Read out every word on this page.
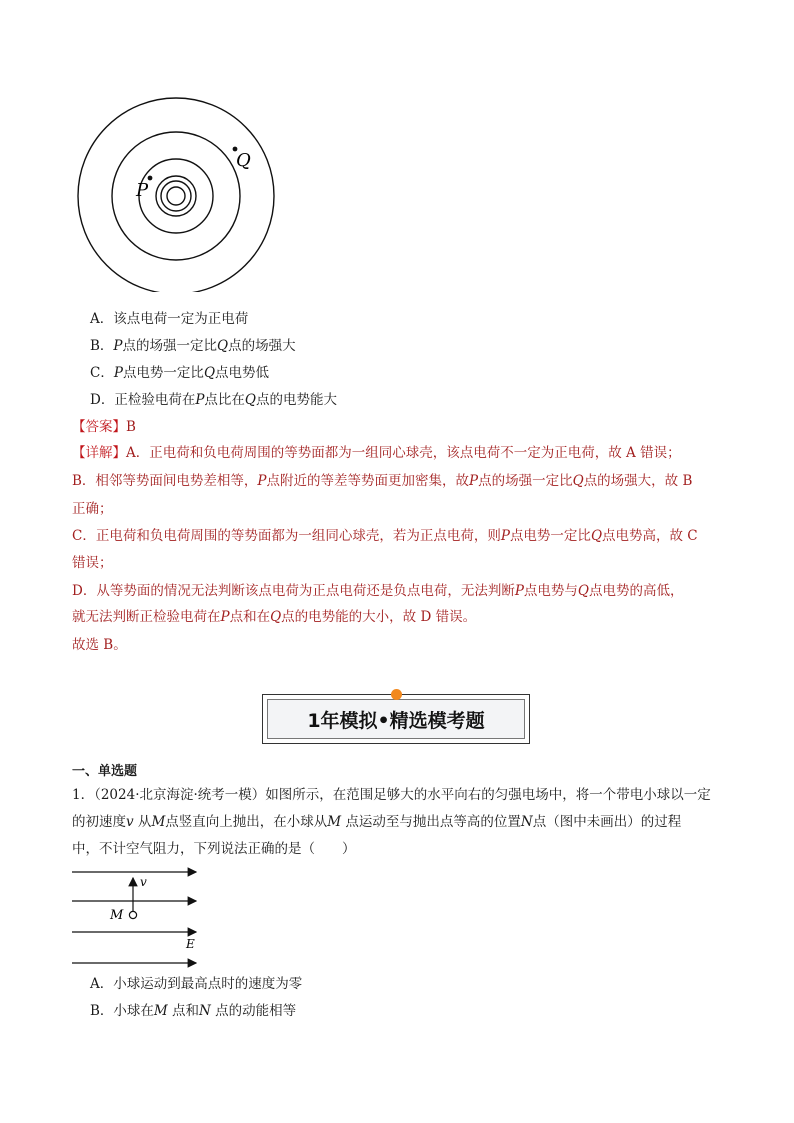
P
Q
A．该点电荷一定为正电荷
B．P点的场强一定比Q点的场强大
C．P点电势一定比Q点电势低
D．正检验电荷在P点比在Q点的电势能大
【答案】B
【详解】A．正电荷和负电荷周围的等势面都为一组同心球壳，该点电荷不一定为正电荷，故 A 错误；
B．相邻等势面间电势差相等，P点附近的等差等势面更加密集，故P点的场强一定比Q点的场强大，故 B
正确；
C．正电荷和负电荷周围的等势面都为一组同心球壳，若为正点电荷，则P点电势一定比Q点电势高，故 C
错误；
D．从等势面的情况无法判断该点电荷为正点电荷还是负点电荷，无法判断P点电势与Q点电势的高低，
就无法判断正检验电荷在P点和在Q点的电势能的大小，故 D 错误。
故选 B。
1年模拟•精选模考题
一、单选题
1．（2024·北京海淀·统考一模）如图所示，在范围足够大的水平向右的匀强电场中，将一个带电小球以一定
的初速度v 从M点竖直向上抛出，在小球从M 点运动至与抛出点等高的位置N点（图中未画出）的过程
中，不计空气阻力，下列说法正确的是（　　）
v
M
E
A．小球运动到最高点时的速度为零
B．小球在M 点和N 点的动能相等
